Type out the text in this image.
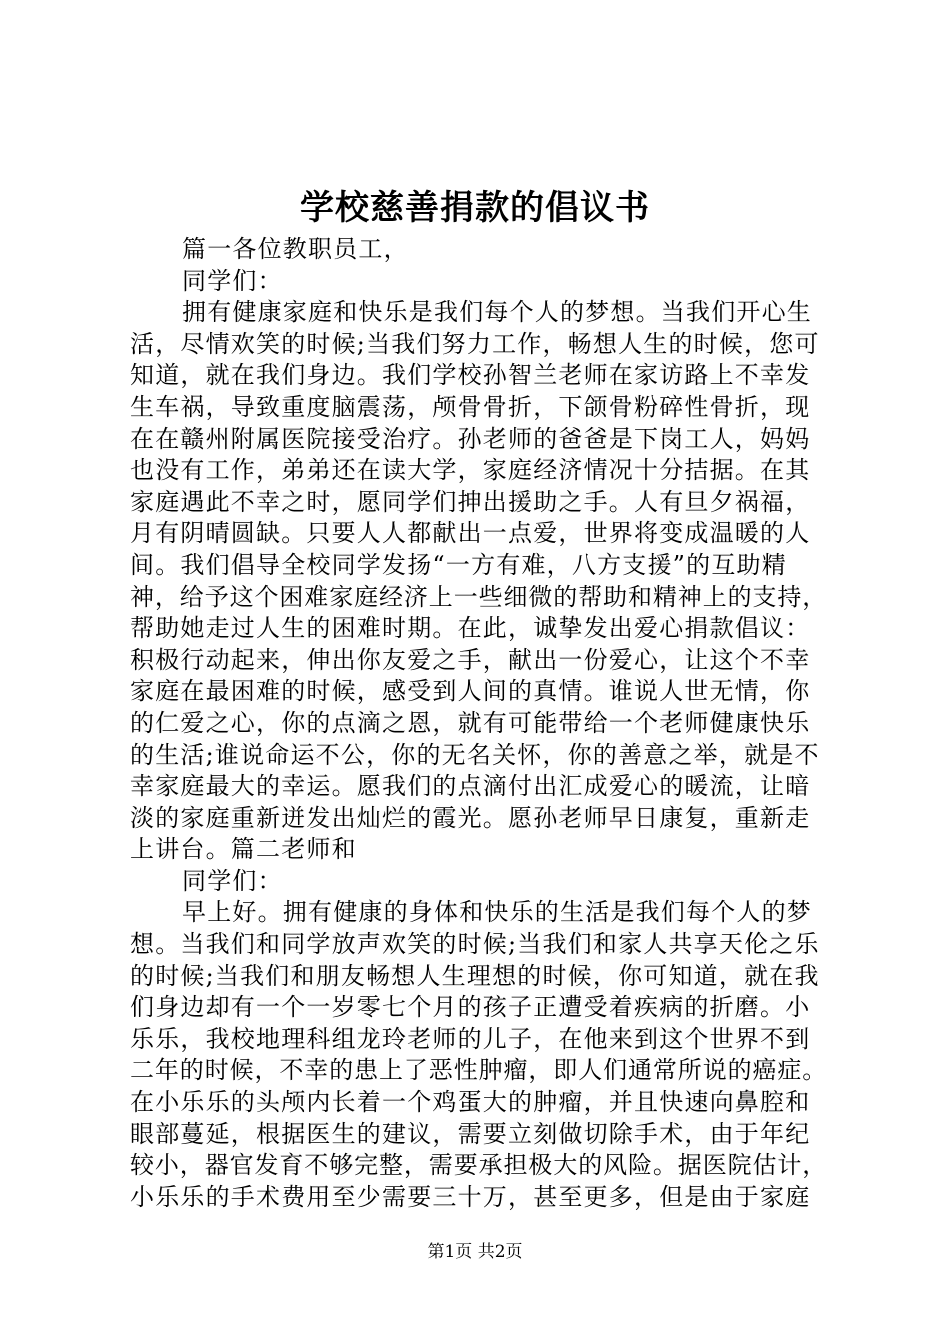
学校慈善捐款的倡议书
篇一各位教职员工，
同学们：
拥有健康家庭和快乐是我们每个人的梦想。当我们开心生
活，尽情欢笑的时候;当我们努力工作，畅想人生的时候，您可
知道，就在我们身边。我们学校孙智兰老师在家访路上不幸发
生车祸，导致重度脑震荡，颅骨骨折，下颌骨粉碎性骨折，现
在在赣州附属医院接受治疗。孙老师的爸爸是下岗工人，妈妈
也没有工作，弟弟还在读大学，家庭经济情况十分拮据。在其
家庭遇此不幸之时，愿同学们抻出援助之手。人有旦夕祸福，
月有阴晴圆缺。只要人人都献出一点爱，世界将变成温暖的人
间。我们倡导全校同学发扬“一方有难，八方支援”的互助精
神，给予这个困难家庭经济上一些细微的帮助和精神上的支持，
帮助她走过人生的困难时期。在此，诚挚发出爱心捐款倡议：
积极行动起来，伸出你友爱之手，献出一份爱心，让这个不幸
家庭在最困难的时候，感受到人间的真情。谁说人世无情，你
的仁爱之心，你的点滴之恩，就有可能带给一个老师健康快乐
的生活;谁说命运不公，你的无名关怀，你的善意之举，就是不
幸家庭最大的幸运。愿我们的点滴付出汇成爱心的暖流，让暗
淡的家庭重新迸发出灿烂的霞光。愿孙老师早日康复，重新走
上讲台。篇二老师和
同学们：
早上好。拥有健康的身体和快乐的生活是我们每个人的梦
想。当我们和同学放声欢笑的时候;当我们和家人共享天伦之乐
的时候;当我们和朋友畅想人生理想的时候，你可知道，就在我
们身边却有一个一岁零七个月的孩子正遭受着疾病的折磨。小
乐乐，我校地理科组龙玲老师的儿子，在他来到这个世界不到
二年的时候，不幸的患上了恶性肿瘤，即人们通常所说的癌症。
在小乐乐的头颅内长着一个鸡蛋大的肿瘤，并且快速向鼻腔和
眼部蔓延，根据医生的建议，需要立刻做切除手术，由于年纪
较小，器官发育不够完整，需要承担极大的风险。据医院估计，
小乐乐的手术费用至少需要三十万，甚至更多，但是由于家庭
第1页 共2页
